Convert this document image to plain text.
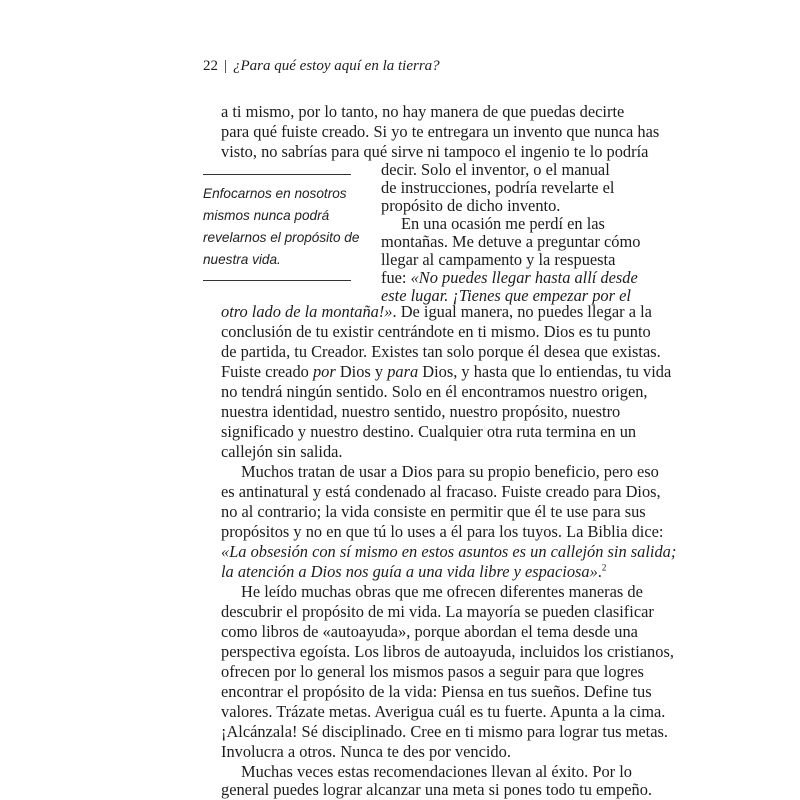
22 | ¿Para qué estoy aquí en la tierra?
Enfocarnos en nosotros
mismos nunca podrá
revelarnos el propósito de
nuestra vida.
a ti mismo, por lo tanto, no hay manera de que puedas decirte
para qué fuiste creado. Si yo te entregara un invento que nunca has
visto, no sabrías para qué sirve ni tampoco el ingenio te lo podría
decir. Solo el inventor, o el manual
de instrucciones, podría revelarte el
propósito de dicho invento.
En una ocasión me perdí en las
montañas. Me detuve a preguntar cómo
llegar al campamento y la respuesta
fue: «No puedes llegar hasta allí desde
este lugar. ¡Tienes que empezar por el
otro lado de la montaña!». De igual manera, no puedes llegar a la
conclusión de tu existir centrándote en ti mismo. Dios es tu punto
de partida, tu Creador. Existes tan solo porque él desea que existas.
Fuiste creado por Dios y para Dios, y hasta que lo entiendas, tu vida
no tendrá ningún sentido. Solo en él encontramos nuestro origen,
nuestra identidad, nuestro sentido, nuestro propósito, nuestro
significado y nuestro destino. Cualquier otra ruta termina en un
callejón sin salida.
Muchos tratan de usar a Dios para su propio beneficio, pero eso
es antinatural y está condenado al fracaso. Fuiste creado para Dios,
no al contrario; la vida consiste en permitir que él te use para sus
propósitos y no en que tú lo uses a él para los tuyos. La Biblia dice:
«La obsesión con sí mismo en estos asuntos es un callejón sin salida;
la atención a Dios nos guía a una vida libre y espaciosa».$^2$
He leído muchas obras que me ofrecen diferentes maneras de
descubrir el propósito de mi vida. La mayoría se pueden clasificar
como libros de «autoayuda», porque abordan el tema desde una
perspectiva egoísta. Los libros de autoayuda, incluidos los cristianos,
ofrecen por lo general los mismos pasos a seguir para que logres
encontrar el propósito de la vida: Piensa en tus sueños. Define tus
valores. Trázate metas. Averigua cuál es tu fuerte. Apunta a la cima.
¡Alcánzala! Sé disciplinado. Cree en ti mismo para lograr tus metas.
Involucra a otros. Nunca te des por vencido.
Muchas veces estas recomendaciones llevan al éxito. Por lo
general puedes lograr alcanzar una meta si pones todo tu empeño.
